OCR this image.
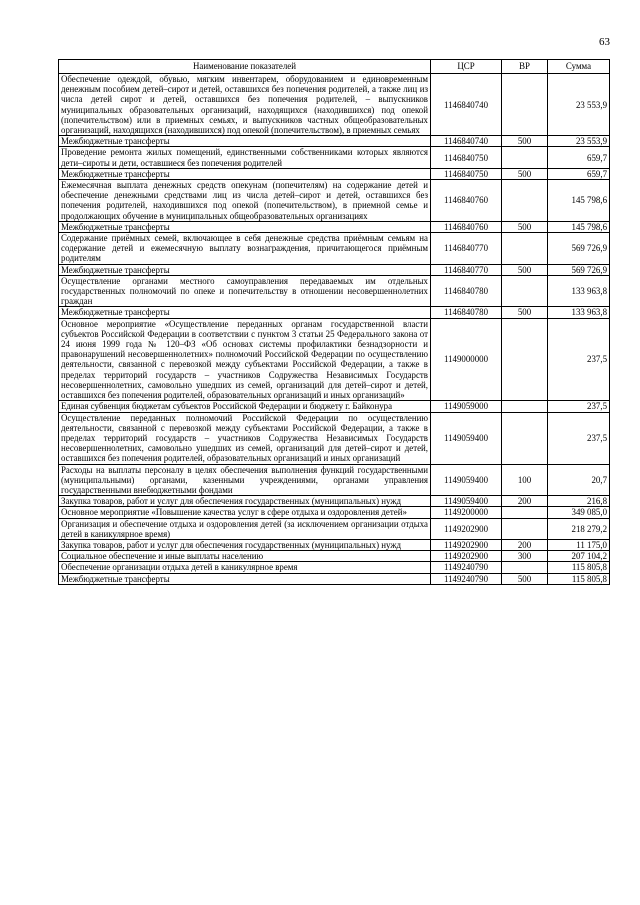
63
Наименование показателей	ЦСР	ВР	Сумма
Обеспечение одеждой, обувью, мягким инвентарем, оборудованием и единовременным денежным пособием детей–сирот и детей, оставшихся без попечения родителей, а также лиц из числа детей сирот и детей, оставшихся без попечения родителей, – выпускников муниципальных образовательных организаций, находящихся (находившихся) под опекой (попечительством) или в приемных семьях, и выпускников частных общеобразовательных организаций, находящихся (находившихся) под опекой (попечительством), в приемных семьях	1146840740		23 553,9
Межбюджетные трансферты	1146840740	500	23 553,9
Проведение ремонта жилых помещений, единственными собственниками которых являются дети–сироты и дети, оставшиеся без попечения родителей	1146840750		659,7
Межбюджетные трансферты	1146840750	500	659,7
Ежемесячная выплата денежных средств опекунам (попечителям) на содержание детей и обеспечение денежными средствами лиц из числа детей–сирот и детей, оставшихся без попечения родителей, находившихся под опекой (попечительством), в приемной семье и продолжающих обучение в муниципальных общеобразовательных организациях	1146840760		145 798,6
Межбюджетные трансферты	1146840760	500	145 798,6
Содержание приёмных семей, включающее в себя денежные средства приёмным семьям на содержание детей и ежемесячную выплату вознаграждения, причитающегося приёмным родителям	1146840770		569 726,9
Межбюджетные трансферты	1146840770	500	569 726,9
Осуществление органами местного самоуправления передаваемых им отдельных государственных полномочий по опеке и попечительству в отношении несовершеннолетних граждан	1146840780		133 963,8
Межбюджетные трансферты	1146840780	500	133 963,8
Основное мероприятие «Осуществление переданных органам государственной власти субъектов Российской Федерации в соответствии с пунктом 3 статьи 25 Федерального закона от 24 июня 1999 года № 120–ФЗ «Об основах системы профилактики безнадзорности и правонарушений несовершеннолетних» полномочий Российской Федерации по осуществлению деятельности, связанной с перевозкой между субъектами Российской Федерации, а также в пределах территорий государств – участников Содружества Независимых Государств несовершеннолетних, самовольно ушедших из семей, организаций для детей–сирот и детей, оставшихся без попечения родителей, образовательных организаций и иных организаций»	1149000000		237,5
Единая субвенция бюджетам субъектов Российской Федерации и бюджету г. Байконура	1149059000		237,5
Осуществление переданных полномочий Российской Федерации по осуществлению деятельности, связанной с перевозкой между субъектами Российской Федерации, а также в пределах территорий государств – участников Содружества Независимых Государств несовершеннолетних, самовольно ушедших из семей, организаций для детей–сирот и детей, оставшихся без попечения родителей, образовательных организаций и иных организаций	1149059400		237,5
Расходы на выплаты персоналу в целях обеспечения выполнения функций государственными (муниципальными) органами, казенными учреждениями, органами управления государственными внебюджетными фондами	1149059400	100	20,7
Закупка товаров, работ и услуг для обеспечения государственных (муниципальных) нужд	1149059400	200	216,8
Основное мероприятие «Повышение качества услуг в сфере отдыха и оздоровления детей»	1149200000		349 085,0
Организация и обеспечение отдыха и оздоровления детей (за исключением организации отдыха детей в каникулярное время)	1149202900		218 279,2
Закупка товаров, работ и услуг для обеспечения государственных (муниципальных) нужд	1149202900	200	11 175,0
Социальное обеспечение и иные выплаты населению	1149202900	300	207 104,2
Обеспечение организации отдыха детей в каникулярное время	1149240790		115 805,8
Межбюджетные трансферты	1149240790	500	115 805,8
